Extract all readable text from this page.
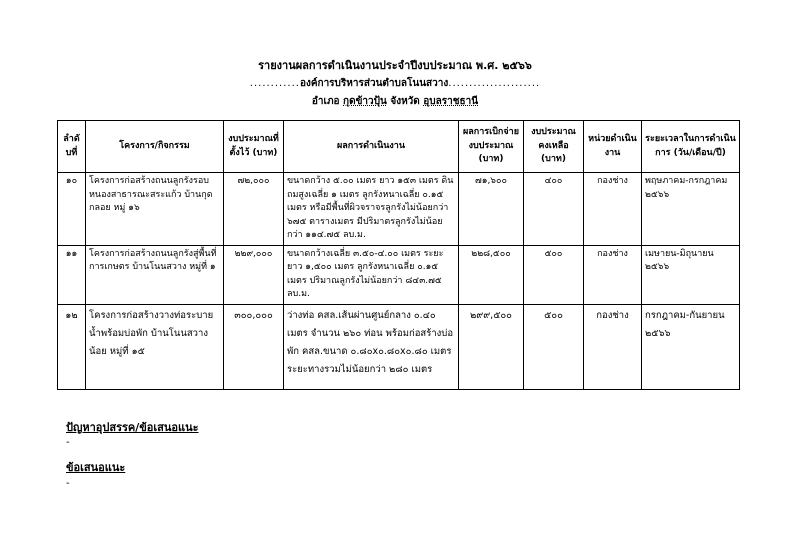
รายงานผลการดำเนินงานประจำปีงบประมาณ พ.ศ. ๒๕๖๖
............องค์การบริหารส่วนตำบลโนนสวาง......................
อำเภอ กุดข้าวปุ้น จังหวัด อุบลราชธานี
ลำดับที่	โครงการ/กิจกรรม	งบประมาณที่ตั้งไว้ (บาท)	ผลการดำเนินงาน	ผลการเบิกจ่ายงบประมาณ (บาท)	งบประมาณคงเหลือ (บาท)	หน่วยดำเนินงาน	ระยะเวลาในการดำเนินการ (วัน/เดือน/ปี)
๑๐	โครงการก่อสร้างถนนลูกรังรอบหนองสาธารณะสระแก้ว บ้านกุดกลอย หมู่ ๑๖	๗๒,๐๐๐	ขนาดกว้าง ๕.๐๐ เมตร ยาว ๑๕๓ เมตร ดินถมสูงเฉลี่ย ๑ เมตร ลูกรังหนาเฉลี่ย ๐.๑๕ เมตร หรือมีพื้นที่ผิวจราจรลูกรังไม่น้อยกว่า ๖๗๕ ตารางเมตร มีปริมาตรลูกรังไม่น้อยกว่า ๑๑๔.๗๕ ลบ.ม.	๗๑,๖๐๐	๔๐๐	กองช่าง	พฤษภาคม-กรกฎาคม ๒๕๖๖
๑๑	โครงการก่อสร้างถนนลูกรังสู่พื้นที่การเกษตร บ้านโนนสวาง หมู่ที่ ๑	๒๒๙,๐๐๐	ขนาดกว้างเฉลี่ย ๓.๕๐-๔.๐๐ เมตร ระยะยาว ๑,๕๐๐ เมตร ลูกรังหนาเฉลี่ย ๐.๑๕ เมตร ปริมาณลูกรังไม่น้อยกว่า ๘๔๓.๗๕ ลบ.ม.	๒๒๘,๕๐๐	๕๐๐	กองช่าง	เมษายน-มิถุนายน ๒๕๖๖
๑๒	โครงการก่อสร้างวางท่อระบายน้ำพร้อมบ่อพัก บ้านโนนสวางน้อย หมู่ที่ ๑๕	๓๐๐,๐๐๐	ว่างท่อ คสล.เส้นผ่านศูนย์กลาง ๐.๔๐ เมตร จำนวน ๒๖๐ ท่อน พร้อมก่อสร้างบ่อพัก คสล.ขนาด ๐.๘๐x๐.๘๐x๐.๘๐ เมตร ระยะทางรวมไม่น้อยกว่า ๒๘๐ เมตร	๒๙๙,๕๐๐	๕๐๐	กองช่าง	กรกฎาคม-กันยายน ๒๕๖๖
ปัญหาอุปสรรค/ข้อเสนอแนะ
-
ข้อเสนอแนะ
-
